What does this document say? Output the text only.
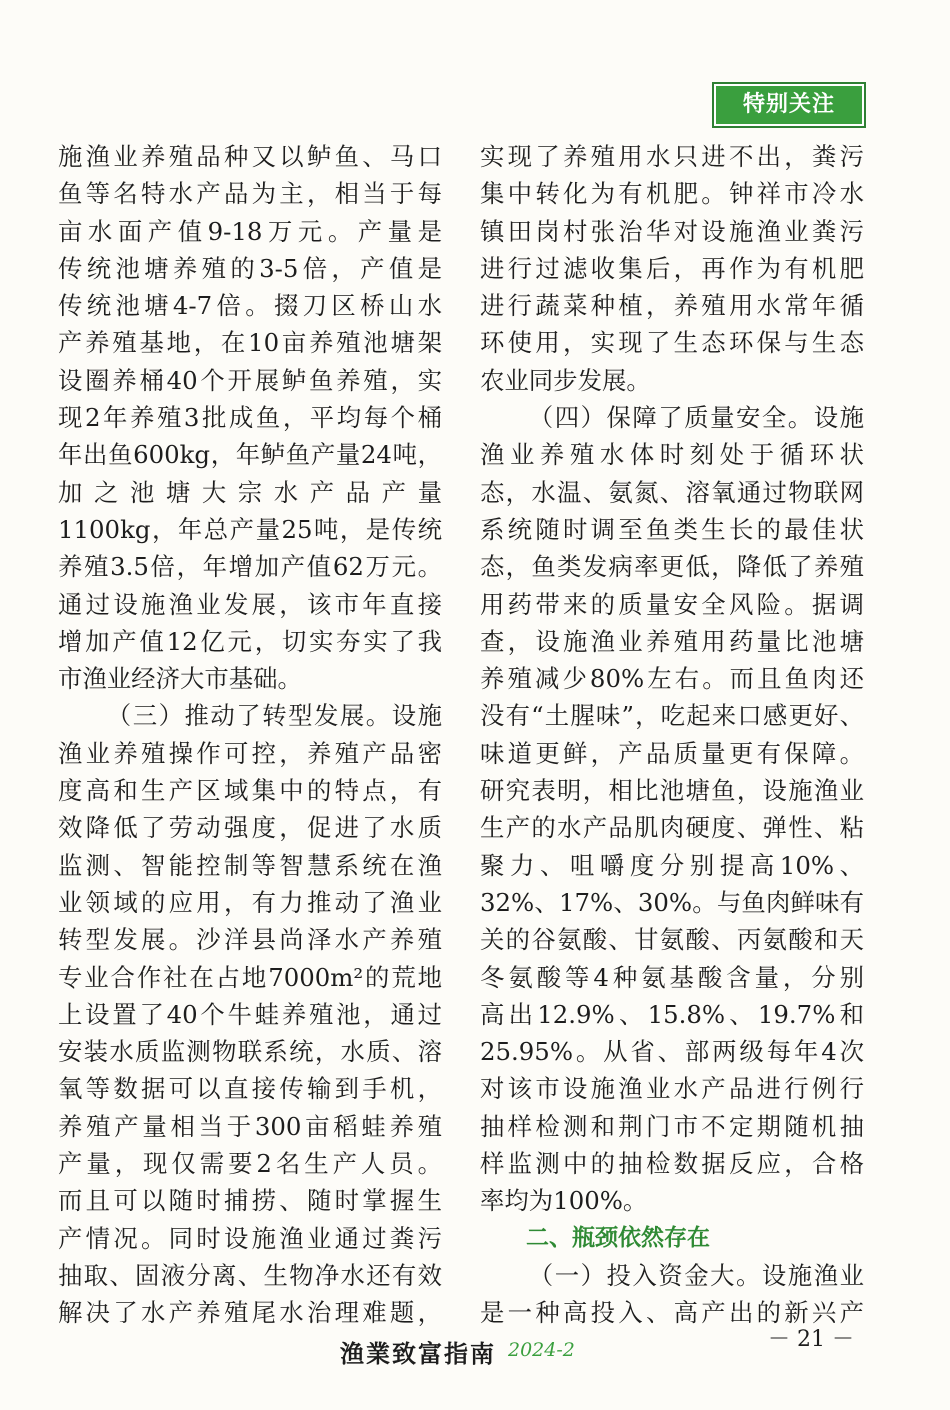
特别关注
施渔业养殖品种又以鲈鱼、马口
鱼等名特水产品为主，相当于每
亩水面产值9-18万元。产量是
传统池塘养殖的3-5倍，产值是
传统池塘4-7倍。掇刀区桥山水
产养殖基地，在10亩养殖池塘架
设圈养桶40个开展鲈鱼养殖，实
现2年养殖3批成鱼，平均每个桶
年出鱼600kg，年鲈鱼产量24吨，
加之池塘大宗水产品产量
1100kg，年总产量25吨，是传统
养殖3.5倍，年增加产值62万元。
通过设施渔业发展，该市年直接
增加产值12亿元，切实夯实了我
市渔业经济大市基础。
（三）推动了转型发展。设施
渔业养殖操作可控，养殖产品密
度高和生产区域集中的特点，有
效降低了劳动强度，促进了水质
监测、智能控制等智慧系统在渔
业领域的应用，有力推动了渔业
转型发展。沙洋县尚泽水产养殖
专业合作社在占地7000m²的荒地
上设置了40个牛蛙养殖池，通过
安装水质监测物联系统，水质、溶
氧等数据可以直接传输到手机，
养殖产量相当于300亩稻蛙养殖
产量，现仅需要2名生产人员。
而且可以随时捕捞、随时掌握生
产情况。同时设施渔业通过粪污
抽取、固液分离、生物净水还有效
解决了水产养殖尾水治理难题，
实现了养殖用水只进不出，粪污
集中转化为有机肥。钟祥市冷水
镇田岗村张治华对设施渔业粪污
进行过滤收集后，再作为有机肥
进行蔬菜种植，养殖用水常年循
环使用，实现了生态环保与生态
农业同步发展。
（四）保障了质量安全。设施
渔业养殖水体时刻处于循环状
态，水温、氨氮、溶氧通过物联网
系统随时调至鱼类生长的最佳状
态，鱼类发病率更低，降低了养殖
用药带来的质量安全风险。据调
查，设施渔业养殖用药量比池塘
养殖减少80%左右。而且鱼肉还
没有“土腥味”，吃起来口感更好、
味道更鲜，产品质量更有保障。
研究表明，相比池塘鱼，设施渔业
生产的水产品肌肉硬度、弹性、粘
聚力、咀嚼度分别提高10%、
32%、17%、30%。与鱼肉鲜味有
关的谷氨酸、甘氨酸、丙氨酸和天
冬氨酸等4种氨基酸含量，分别
高出12.9%、15.8%、19.7%和
25.95%。从省、部两级每年4次
对该市设施渔业水产品进行例行
抽样检测和荆门市不定期随机抽
样监测中的抽检数据反应，合格
率均为100%。
二、瓶颈依然存在
（一）投入资金大。设施渔业
是一种高投入、高产出的新兴产
渔業致富指南 2024-2	－ 21 －
